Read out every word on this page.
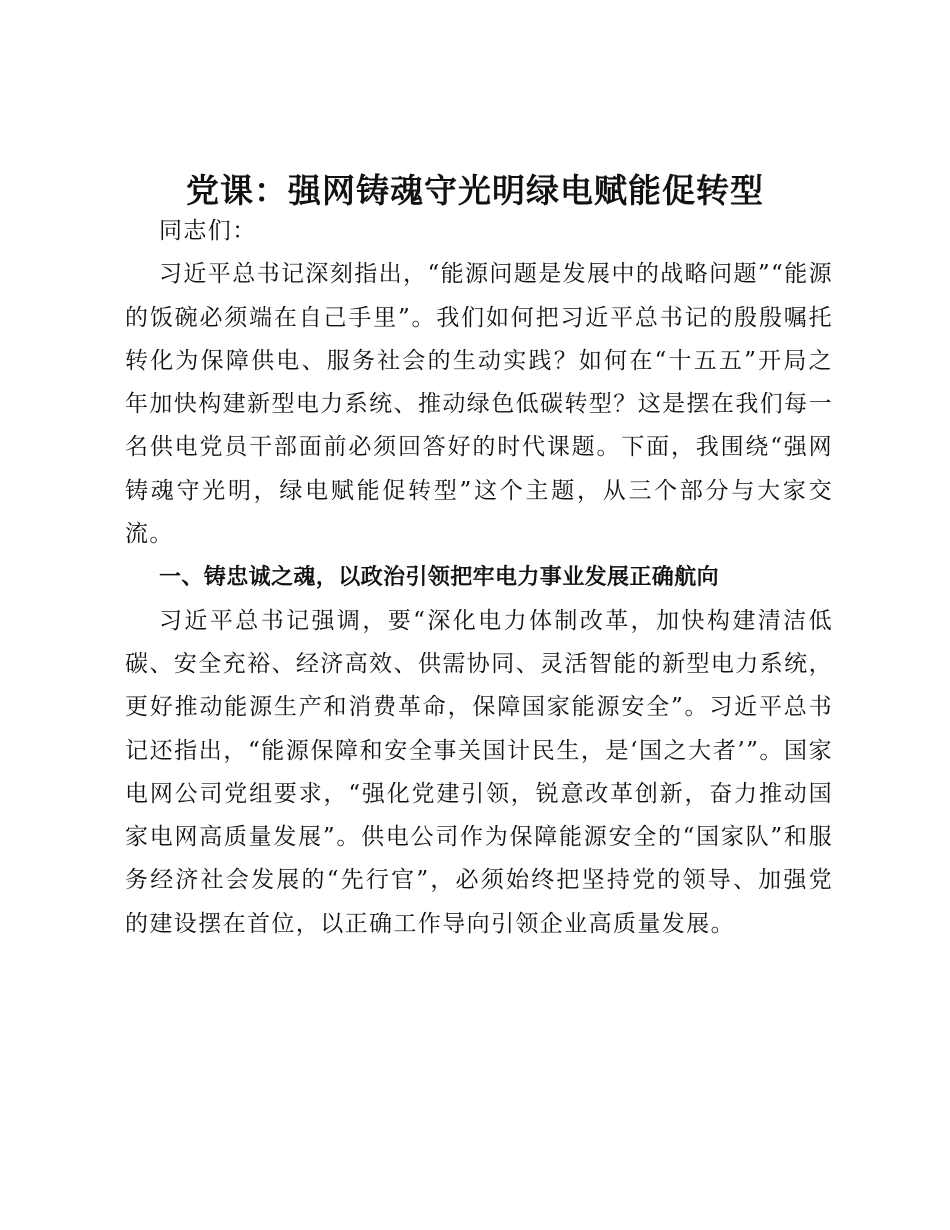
党课：强网铸魂守光明绿电赋能促转型

同志们：

习近平总书记深刻指出，“能源问题是发展中的战略问题”“能源的饭碗必须端在自己手里”。我们如何把习近平总书记的殷殷嘱托转化为保障供电、服务社会的生动实践？如何在“十五五”开局之年加快构建新型电力系统、推动绿色低碳转型？这是摆在我们每一名供电党员干部面前必须回答好的时代课题。下面，我围绕“强网铸魂守光明，绿电赋能促转型”这个主题，从三个部分与大家交流。

一、铸忠诚之魂，以政治引领把牢电力事业发展正确航向

习近平总书记强调，要“深化电力体制改革，加快构建清洁低碳、安全充裕、经济高效、供需协同、灵活智能的新型电力系统，更好推动能源生产和消费革命，保障国家能源安全”。习近平总书记还指出，“能源保障和安全事关国计民生，是‘国之大者’”。国家电网公司党组要求，“强化党建引领，锐意改革创新，奋力推动国家电网高质量发展”。供电公司作为保障能源安全的“国家队”和服务经济社会发展的“先行官”，必须始终把坚持党的领导、加强党的建设摆在首位，以正确工作导向引领企业高质量发展。
